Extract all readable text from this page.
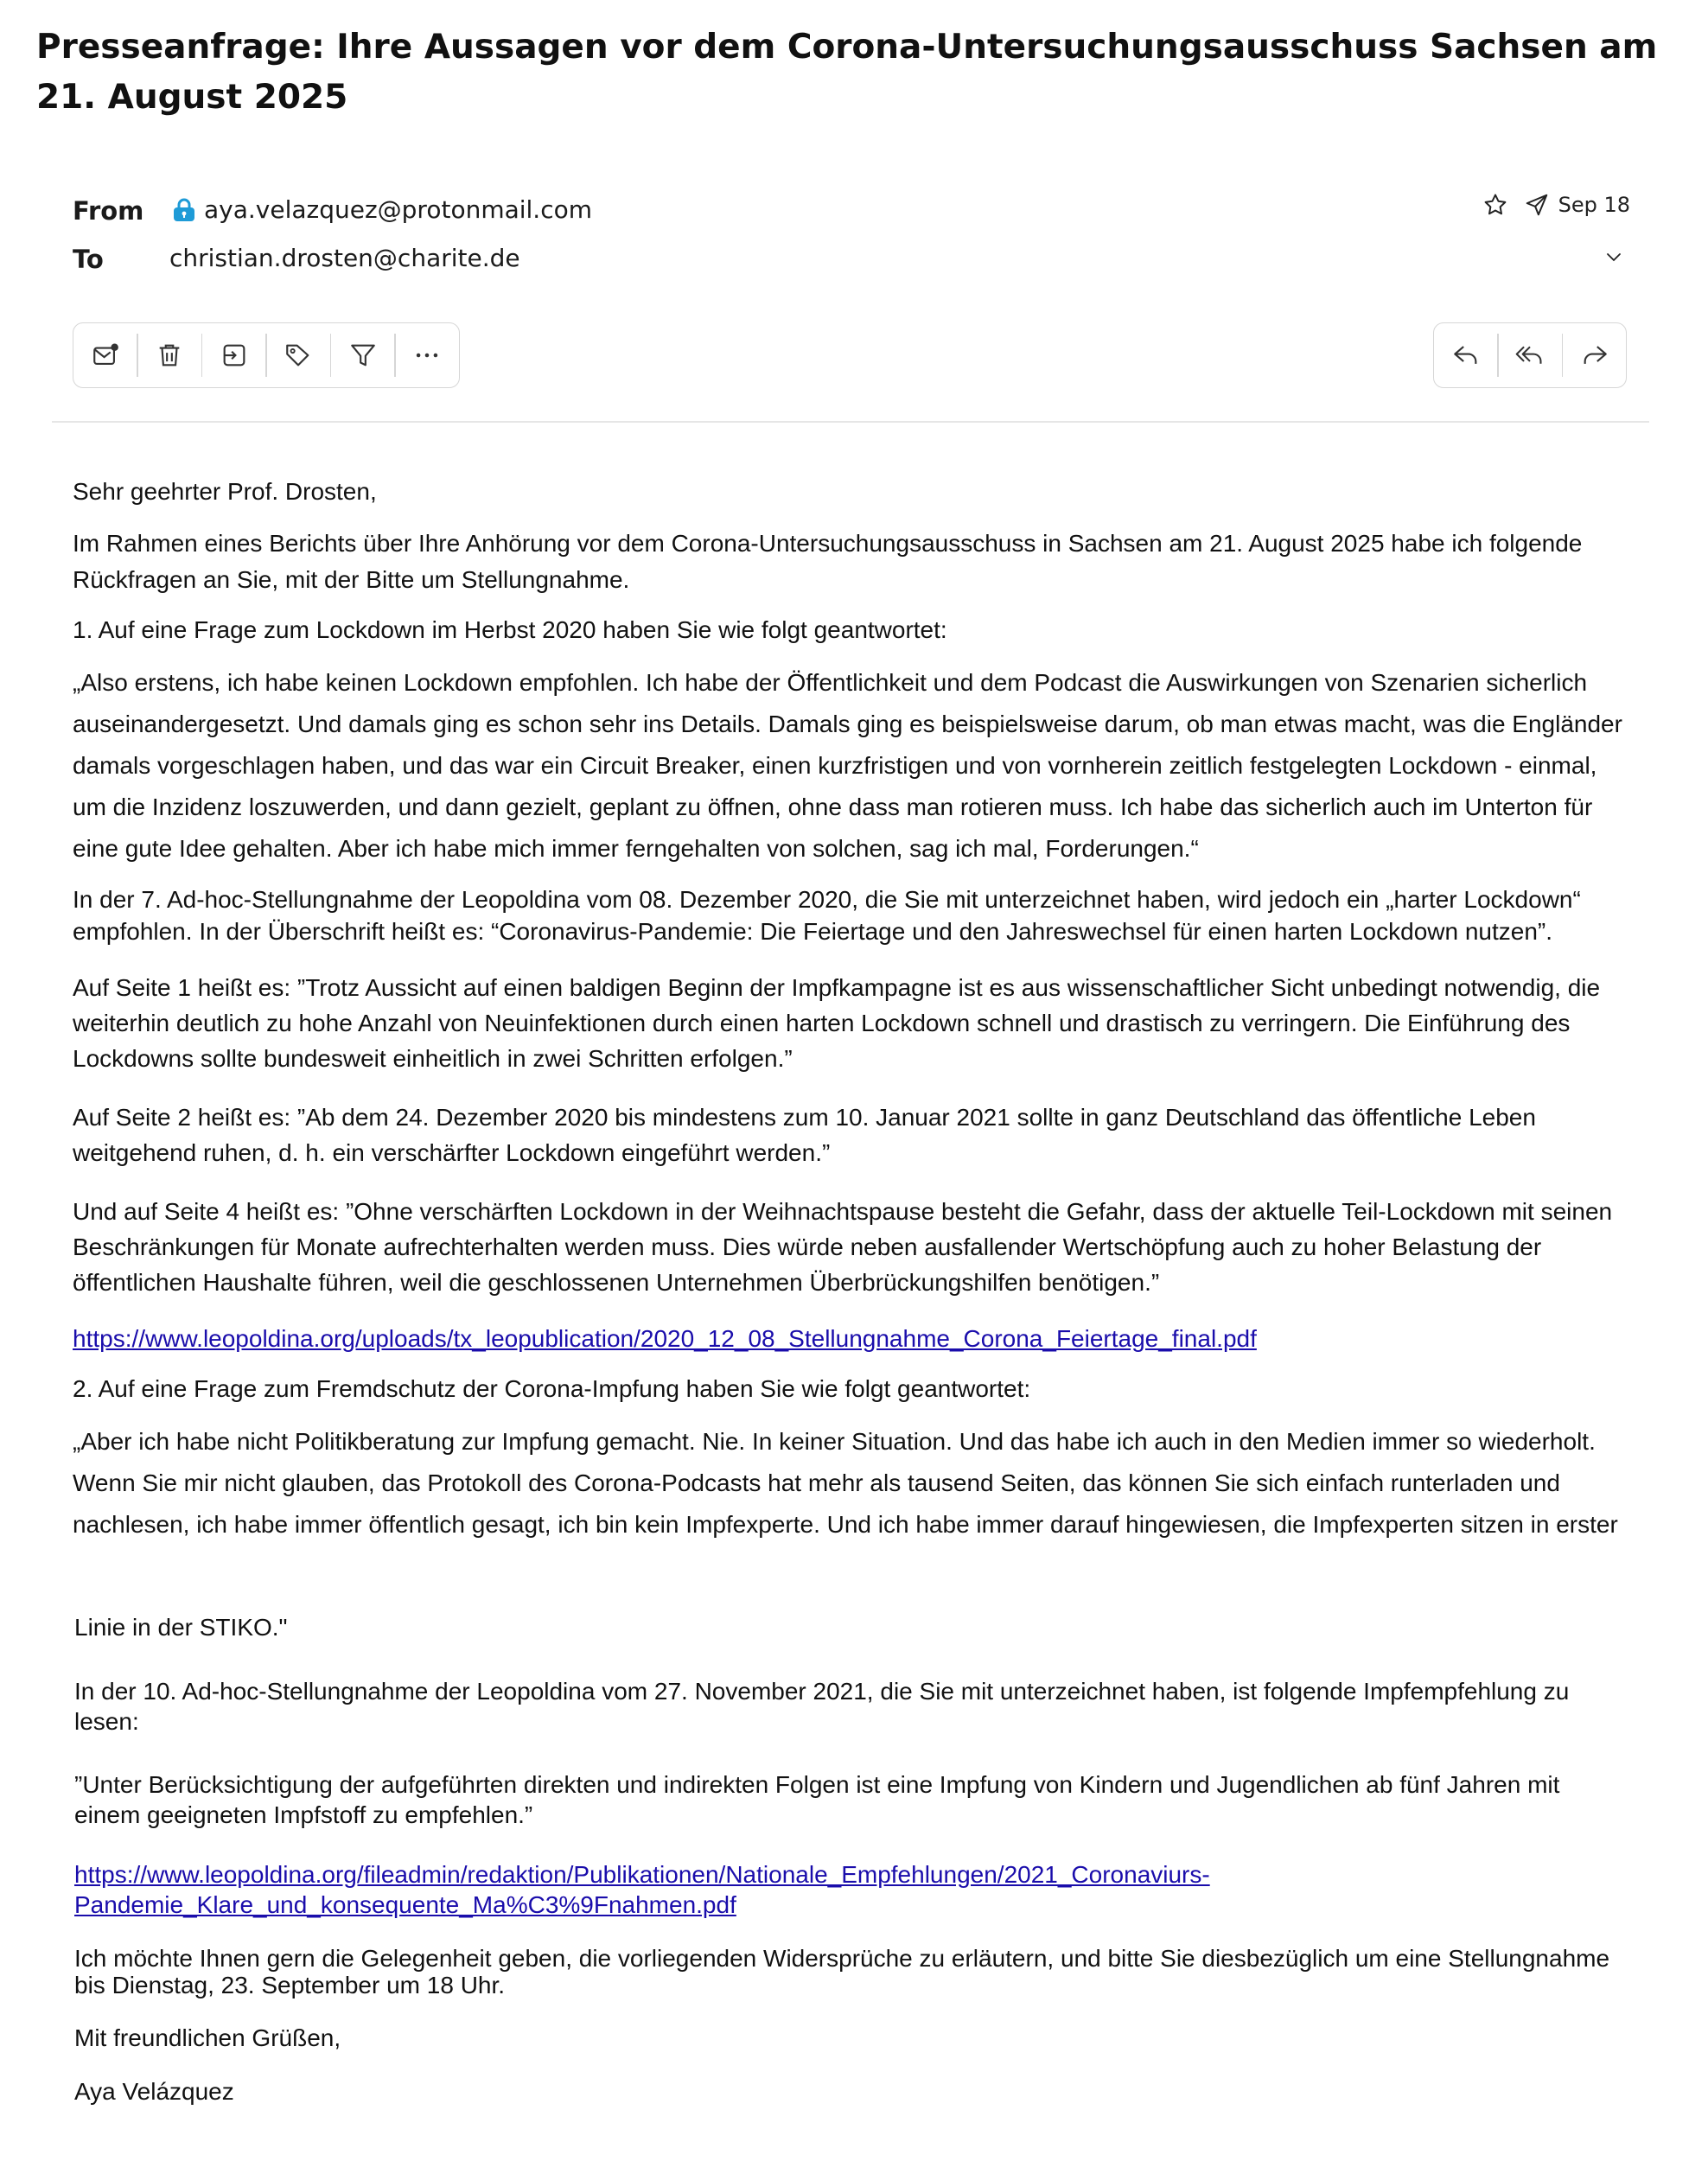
Presseanfrage: Ihre Aussagen vor dem Corona-Untersuchungsausschuss Sachsen am 21. August 2025
From aya.velazquez@protonmail.com
To	christian.drosten@charite.de
Sep 18

Sehr geehrter Prof. Drosten,

Im Rahmen eines Berichts über Ihre Anhörung vor dem Corona-Untersuchungsausschuss in Sachsen am 21. August 2025 habe ich folgende Rückfragen an Sie, mit der Bitte um Stellungnahme.

1. Auf eine Frage zum Lockdown im Herbst 2020 haben Sie wie folgt geantwortet:

„Also erstens, ich habe keinen Lockdown empfohlen. Ich habe der Öffentlichkeit und dem Podcast die Auswirkungen von Szenarien sicherlich auseinandergesetzt. Und damals ging es schon sehr ins Details. Damals ging es beispielsweise darum, ob man etwas macht, was die Engländer damals vorgeschlagen haben, und das war ein Circuit Breaker, einen kurzfristigen und von vornherein zeitlich festgelegten Lockdown - einmal, um die Inzidenz loszuwerden, und dann gezielt, geplant zu öffnen, ohne dass man rotieren muss. Ich habe das sicherlich auch im Unterton für eine gute Idee gehalten. Aber ich habe mich immer ferngehalten von solchen, sag ich mal, Forderungen.“

In der 7. Ad-hoc-Stellungnahme der Leopoldina vom 08. Dezember 2020, die Sie mit unterzeichnet haben, wird jedoch ein „harter Lockdown“ empfohlen. In der Überschrift heißt es: “Coronavirus-Pandemie: Die Feiertage und den Jahreswechsel für einen harten Lockdown nutzen”.

Auf Seite 1 heißt es: ”Trotz Aussicht auf einen baldigen Beginn der Impfkampagne ist es aus wissenschaftlicher Sicht unbedingt notwendig, die weiterhin deutlich zu hohe Anzahl von Neuinfektionen durch einen harten Lockdown schnell und drastisch zu verringern. Die Einführung des Lockdowns sollte bundesweit einheitlich in zwei Schritten erfolgen.”

Auf Seite 2 heißt es: ”Ab dem 24. Dezember 2020 bis mindestens zum 10. Januar 2021 sollte in ganz Deutschland das öffentliche Leben weitgehend ruhen, d. h. ein verschärfter Lockdown eingeführt werden.”

Und auf Seite 4 heißt es: ”Ohne verschärften Lockdown in der Weihnachtspause besteht die Gefahr, dass der aktuelle Teil-Lockdown mit seinen Beschränkungen für Monate aufrechterhalten werden muss. Dies würde neben ausfallender Wertschöpfung auch zu hoher Belastung der öffentlichen Haushalte führen, weil die geschlossenen Unternehmen Überbrückungshilfen benötigen.”

https://www.leopoldina.org/uploads/tx_leopublication/2020_12_08_Stellungnahme_Corona_Feiertage_final.pdf

2. Auf eine Frage zum Fremdschutz der Corona-Impfung haben Sie wie folgt geantwortet:

„Aber ich habe nicht Politikberatung zur Impfung gemacht. Nie. In keiner Situation. Und das habe ich auch in den Medien immer so wiederholt. Wenn Sie mir nicht glauben, das Protokoll des Corona-Podcasts hat mehr als tausend Seiten, das können Sie sich einfach runterladen und nachlesen, ich habe immer öffentlich gesagt, ich bin kein Impfexperte. Und ich habe immer darauf hingewiesen, die Impfexperten sitzen in erster

Linie in der STIKO."

In der 10. Ad-hoc-Stellungnahme der Leopoldina vom 27. November 2021, die Sie mit unterzeichnet haben, ist folgende Impfempfehlung zu lesen:

”Unter Berücksichtigung der aufgeführten direkten und indirekten Folgen ist eine Impfung von Kindern und Jugendlichen ab fünf Jahren mit einem geeigneten Impfstoff zu empfehlen.”

https://www.leopoldina.org/fileadmin/redaktion/Publikationen/Nationale_Empfehlungen/2021_Coronaviurs-
Pandemie_Klare_und_konsequente_Ma%C3%9Fnahmen.pdf

Ich möchte Ihnen gern die Gelegenheit geben, die vorliegenden Widersprüche zu erläutern, und bitte Sie diesbezüglich um eine Stellungnahme bis Dienstag, 23. September um 18 Uhr.

Mit freundlichen Grüßen,

Aya Velázquez
